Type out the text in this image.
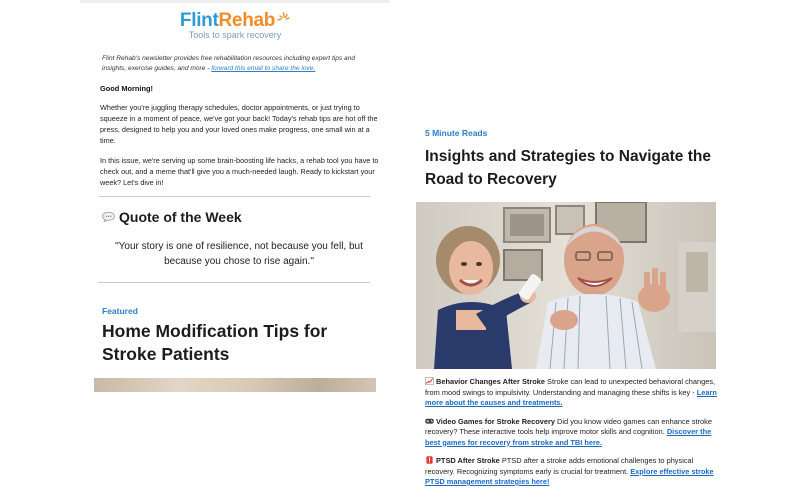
FlintRehab
Tools to spark recovery
Flint Rehab's newsletter provides free rehabilitation resources including expert tips and insights, exercise guides, and more - forward this email to share the love.
Good Morning!
Whether you're juggling therapy schedules, doctor appointments, or just trying to squeeze in a moment of peace, we've got your back! Today's rehab tips are hot off the press, designed to help you and your loved ones make progress, one small win at a time.
In this issue, we're serving up some brain-boosting life hacks, a rehab tool you have to check out, and a meme that'll give you a much-needed laugh. Ready to kickstart your week? Let's dive in!
Quote of the Week
"Your story is one of resilience, not because you fell, but because you chose to rise again."
Featured
Home Modification Tips for Stroke Patients
5 Minute Reads
Insights and Strategies to Navigate the Road to Recovery
Behavior Changes After Stroke Stroke can lead to unexpected behavioral changes, from mood swings to impulsivity. Understanding and managing these shifts is key - Learn more about the causes and treatments.
Video Games for Stroke Recovery Did you know video games can enhance stroke recovery? These interactive tools help improve motor skills and cognition. Discover the best games for recovery from stroke and TBI here.
PTSD After Stroke PTSD after a stroke adds emotional challenges to physical recovery. Recognizing symptoms early is crucial for treatment. Explore effective stroke PTSD management strategies here!
